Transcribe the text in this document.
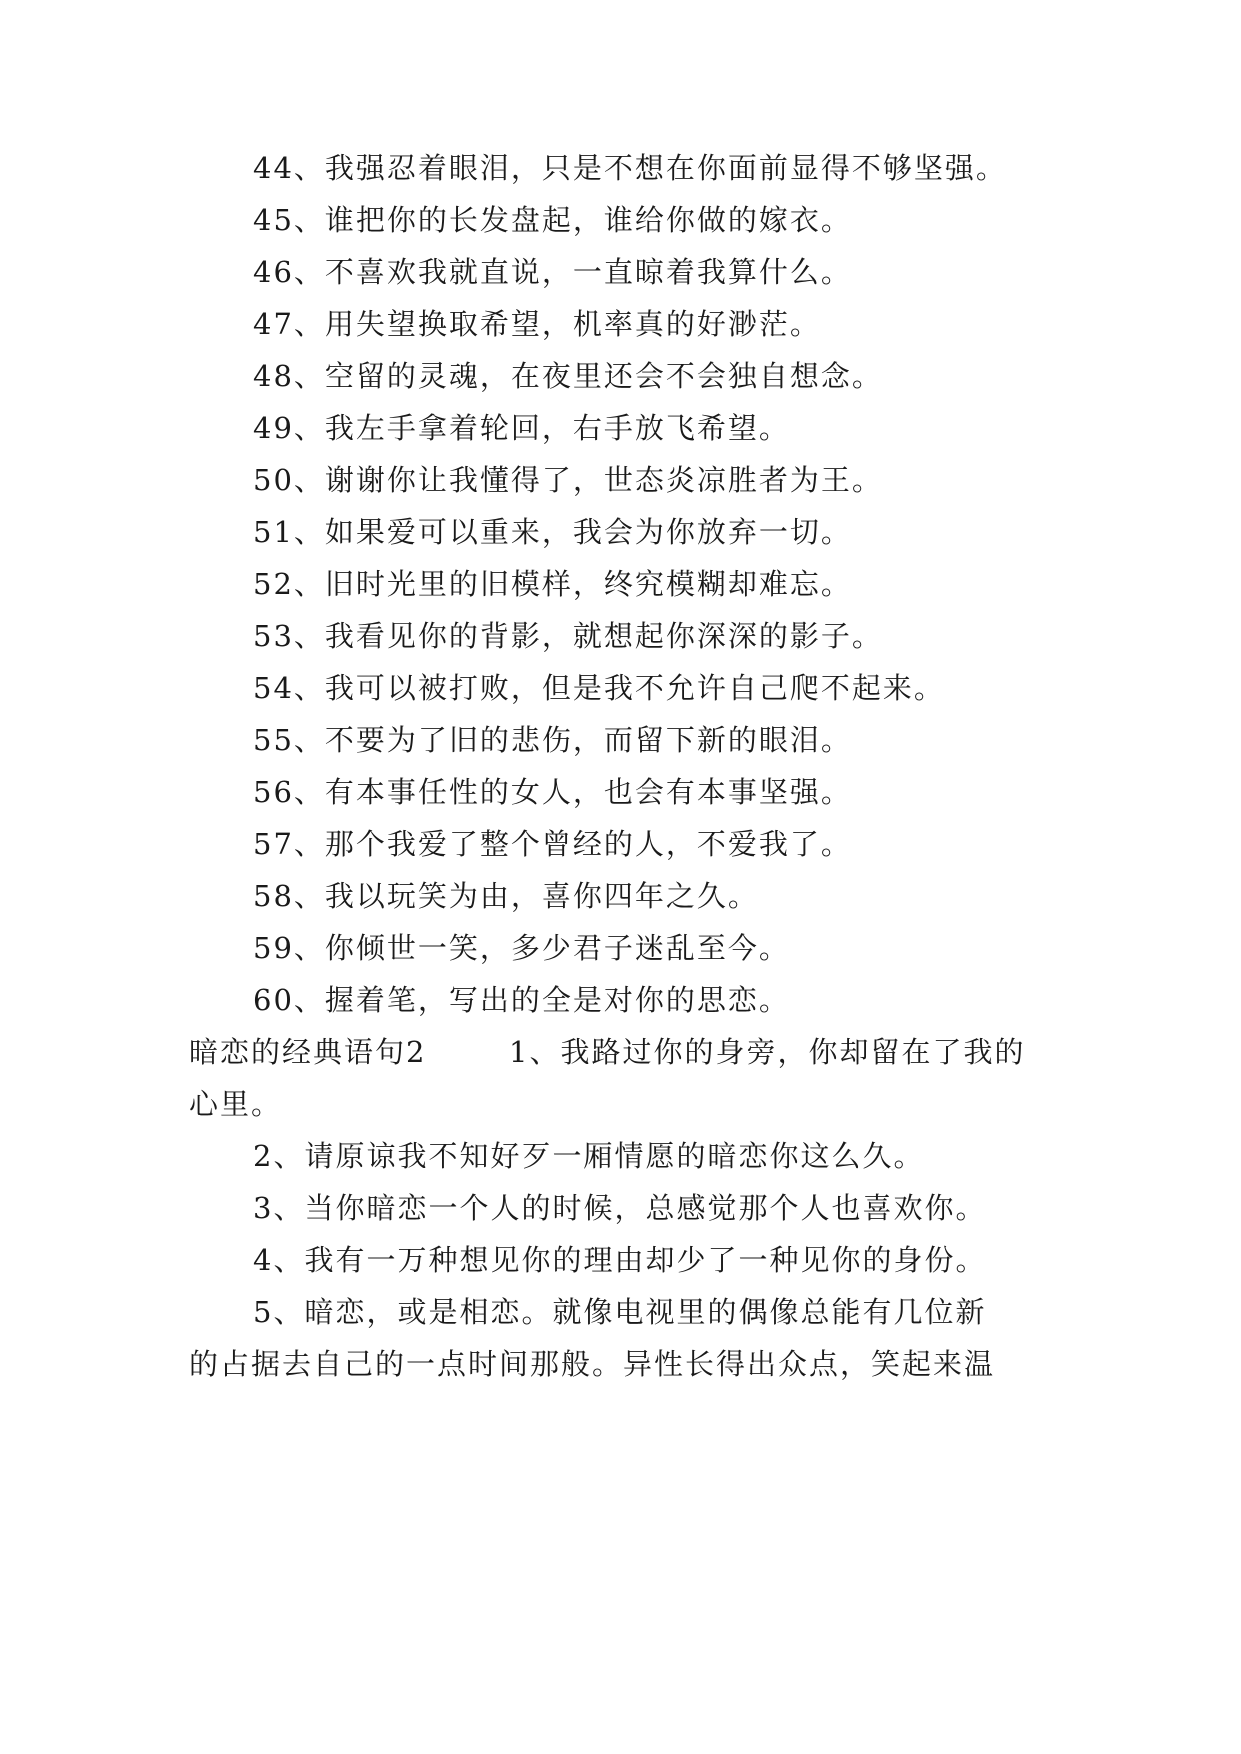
44、我强忍着眼泪，只是不想在你面前显得不够坚强。
45、谁把你的长发盘起，谁给你做的嫁衣。
46、不喜欢我就直说，一直晾着我算什么。
47、用失望换取希望，机率真的好渺茫。
48、空留的灵魂，在夜里还会不会独自想念。
49、我左手拿着轮回，右手放飞希望。
50、谢谢你让我懂得了，世态炎凉胜者为王。
51、如果爱可以重来，我会为你放弃一切。
52、旧时光里的旧模样，终究模糊却难忘。
53、我看见你的背影，就想起你深深的影子。
54、我可以被打败，但是我不允许自己爬不起来。
55、不要为了旧的悲伤，而留下新的眼泪。
56、有本事任性的女人，也会有本事坚强。
57、那个我爱了整个曾经的人，不爱我了。
58、我以玩笑为由，喜你四年之久。
59、你倾世一笑，多少君子迷乱至今。
60、握着笔，写出的全是对你的思恋。
暗恋的经典语句2	1、我路过你的身旁，你却留在了我的
心里。
2、请原谅我不知好歹一厢情愿的暗恋你这么久。
3、当你暗恋一个人的时候，总感觉那个人也喜欢你。
4、我有一万种想见你的理由却少了一种见你的身份。
5、暗恋，或是相恋。就像电视里的偶像总能有几位新
的占据去自己的一点时间那般。异性长得出众点，笑起来温
